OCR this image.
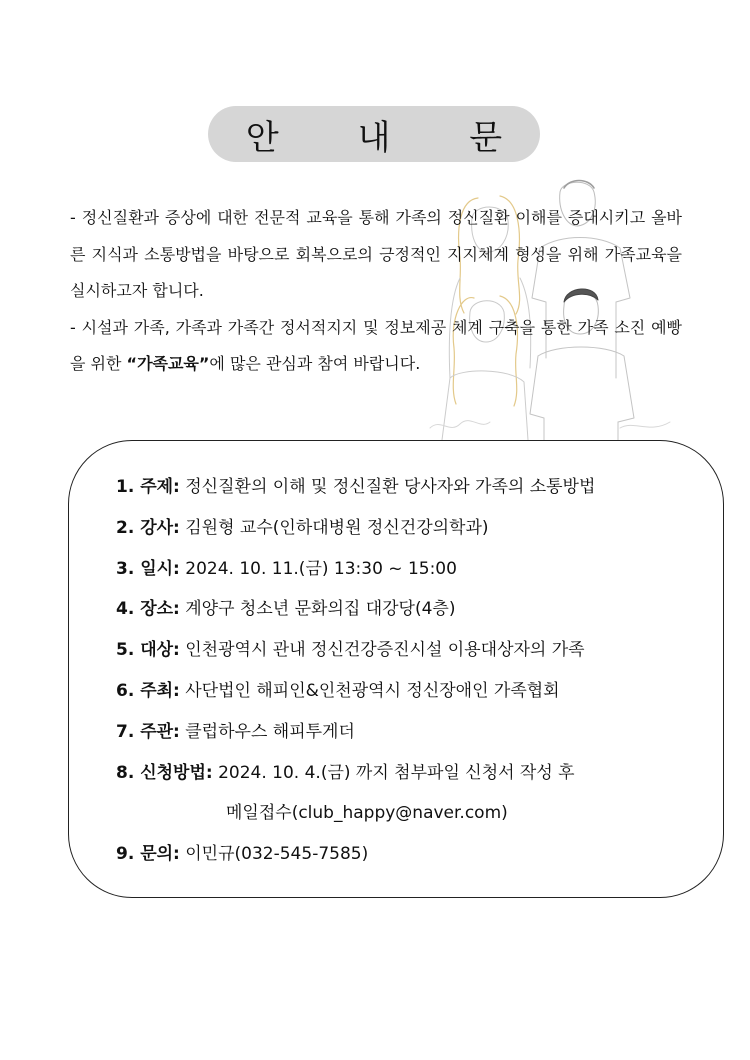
안 내 문

- 정신질환과 증상에 대한 전문적 교육을 통해 가족의 정신질환 이해를 증대시키고 올바른 지식과 소통방법을 바탕으로 회복으로의 긍정적인 지지체계 형성을 위해 가족교육을 실시하고자 합니다.

- 시설과 가족, 가족과 가족간 정서적지지 및 정보제공 체계 구축을 통한 가족 소진 예빵을 위한 “가족교육”에 많은 관심과 참여 바랍니다.

1. 주제: 정신질환의 이해 및 정신질환 당사자와 가족의 소통방법
2. 강사: 김원형 교수(인하대병원 정신건강의학과)
3. 일시: 2024. 10. 11.(금) 13:30 ~ 15:00
4. 장소: 계양구 청소년 문화의집 대강당(4층)
5. 대상: 인천광역시 관내 정신건강증진시설 이용대상자의 가족
6. 주최: 사단법인 해피인&인천광역시 정신장애인 가족협회
7. 주관: 클럽하우스 해피투게더
8. 신청방법: 2024. 10. 4.(금) 까지 첨부파일 신청서 작성 후
메일접수(club_happy@naver.com)
9. 문의: 이민규(032-545-7585)
